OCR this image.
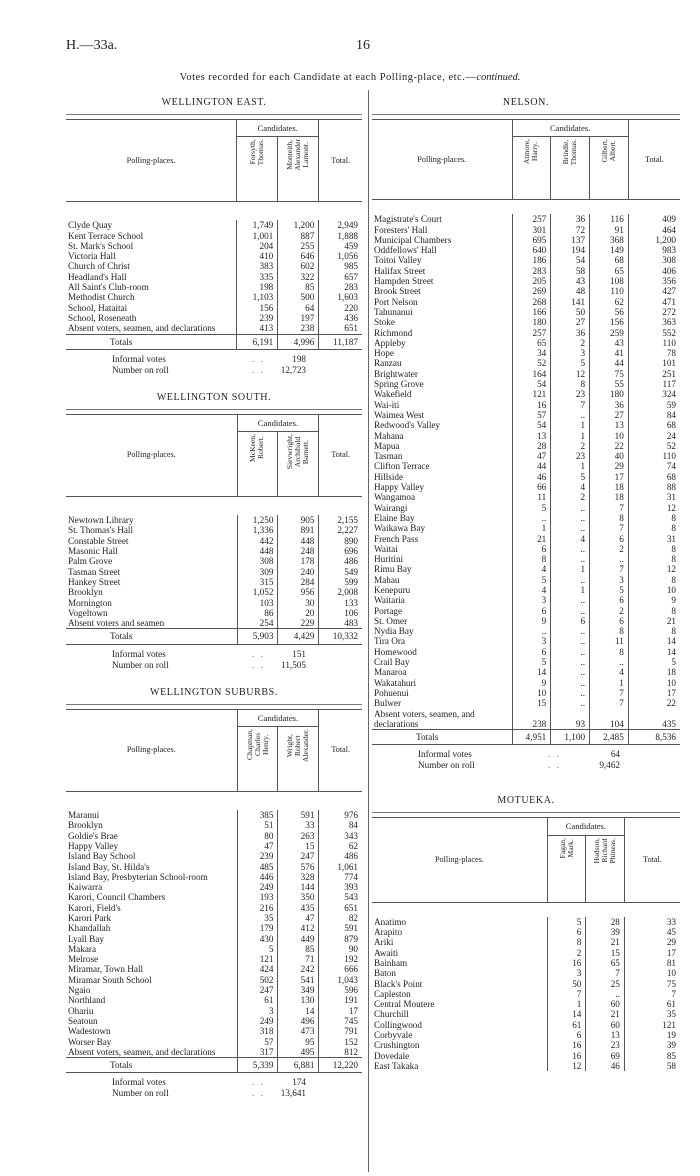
H.—33a.	16
Votes recorded for each Candidate at each Polling-place, etc.—continued.
WELLINGTON EAST.
Polling-places.	Candidates.		Total.

	Forsyth,
Thomas.	Monteith,
Alexander
Lamont.	

Clyde Quay	1,749	1,200	2,949

Kent Terrace School	1,001	887	1,888

St. Mark's School	204	255	459

Victoria Hall	410	646	1,056

Church of Christ	383	602	985

Headland's Hall	335	322	657

All Saint's Club-room	198	85	283

Methodist Church	1,103	500	1,603

School, Hataitai	156	64	220

School, Roseneath	239	197	436

Absent voters, seamen, and declarations	413	238	651
Totals	6,191	4,996	11,187
Informal votes	. .	198
Number on roll	. . 12,723
WELLINGTON SOUTH.
Polling-places.	Candidates.		Total.

	McKeen,
Robert.	Sievwright,
Archibald
Barnett.	

Newtown Library	1,250	905	2,155

St. Thomas's Hall	1,336	891	2,227

Constable Street	442	448	890

Masonic Hall	448	248	696

Palm Grove	308	178	486

Tasman Street	309	240	549

Hankey Street	315	284	599

Brooklyn	1,052	956	2,008

Mornington	103	30	133

Vogeltown	86	20	106

Absent voters and seamen	254	229	483
Totals	5,903	4,429	10,332
Informal votes	. .	151
Number on roll	. . 11,505
WELLINGTON SUBURBS.
Polling-places.	Candidates.		Total.

	Chapman,
Charles
Henry.	Wright,
Robert
Alexander.	

Maranui	385	591	976

Brooklyn	51	33	84

Goldie's Brae	80	263	343

Happy Valley	47	15	62

Island Bay School	239	247	486

Island Bay, St. Hilda's	485	576	1,061

Island Bay, Presbyterian School-room	446	328	774

Kaiwarra	249	144	393

Karori, Council Chambers	193	350	543

Karori, Field's	216	435	651

Karori Park	35	47	82

Khandallah	179	412	591

Lyall Bay	430	449	879

Makara	5	85	90

Melrose	121	71	192

Miramar, Town Hall	424	242	666

Miramar South School	502	541	1,043

Ngaio	247	349	596

Northland	61	130	191

Ohariu	3	14	17

Seatoun	249	496	745

Wadestown	318	473	791

Worser Bay	57	95	152

Absent voters, seamen, and declarations	317	495	812
Totals	5,339	6,881	12,220
Informal votes	. .	174
Number on roll	. . 13,641
NELSON.
Polling-places.	Candidates.			Total.

	Atmore,
Harry.	Brindle,
Thomas.	Gilbert,
Albert.	

Magistrate's Court	257	36	116	409

Foresters' Hall	301	72	91	464

Municipal Chambers	695	137	368	1,200

Oddfellows' Hall	640	194	149	983

Toitoi Valley	186	54	68	308

Halifax Street	283	58	65	406

Hampden Street	205	43	108	356

Brook Street	269	48	110	427

Port Nelson	268	141	62	471

Tahunanui	166	50	56	272

Stoke	180	27	156	363

Richmond	257	36	259	552

Appleby	65	2	43	110

Hope	34	3	41	78

Ranzau	52	5	44	101

Brightwater	164	12	75	251

Spring Grove	54	8	55	117

Wakefield	121	23	180	324

Wai-iti	16	7	36	59

Waimea West	57	..	27	84

Redwood's Valley	54	1	13	68

Mahana	13	1	10	24

Mapua	28	2	22	52

Tasman	47	23	40	110

Clifton Terrace	44	1	29	74

Hillside	46	5	17	68

Happy Valley	66	4	18	88

Wangamoa	11	2	18	31

Wairangi	5	..	7	12

Elaine Bay	..	..	8	8

Waikawa Bay	1	..	7	8

French Pass	21	4	6	31

Waitai	6	..	2	8

Huritini	8	..	..	8

Rimu Bay	4	1	7	12

Mahau	5	..	3	8

Kenepuru	4	1	5	10

Waitaria	3	..	6	9

Portage	6	..	2	8

St. Omer	9	6	6	21

Nydia Bay	..	..	8	8

Tira Ora	3	..	11	14

Homewood	6	..	8	14

Crail Bay	5	..	..	5

Manaroa	14	..	4	18

Wakatahuri	9	..	1	10

Pohuenui	10	..	7	17

Bulwer	15	..	7	22

Absent voters, seamen, and declarations	238	93	104	435
Totals	4,951	1,100	2,485	8,536
Informal votes	. .	64
Number on roll	. .	9,462
MOTUEKA.
Polling-places.	Candidates.		Total.

	Fagan,
Mark.	Hudson,
Richard
Phineas.	

Anatimo	5	28	33

Arapito	6	39	45

Ariki	8	21	29

Awaiti	2	15	17

Bainham	16	65	81

Baton	3	7	10

Black's Point	50	25	75

Capleston	7	..	7

Central Moutere	1	60	61

Churchill	14	21	35

Collingwood	61	60	121

Corbyvale	6	13	19

Crushington	16	23	39

Dovedale	16	69	85

East Takaka	12	46	58
